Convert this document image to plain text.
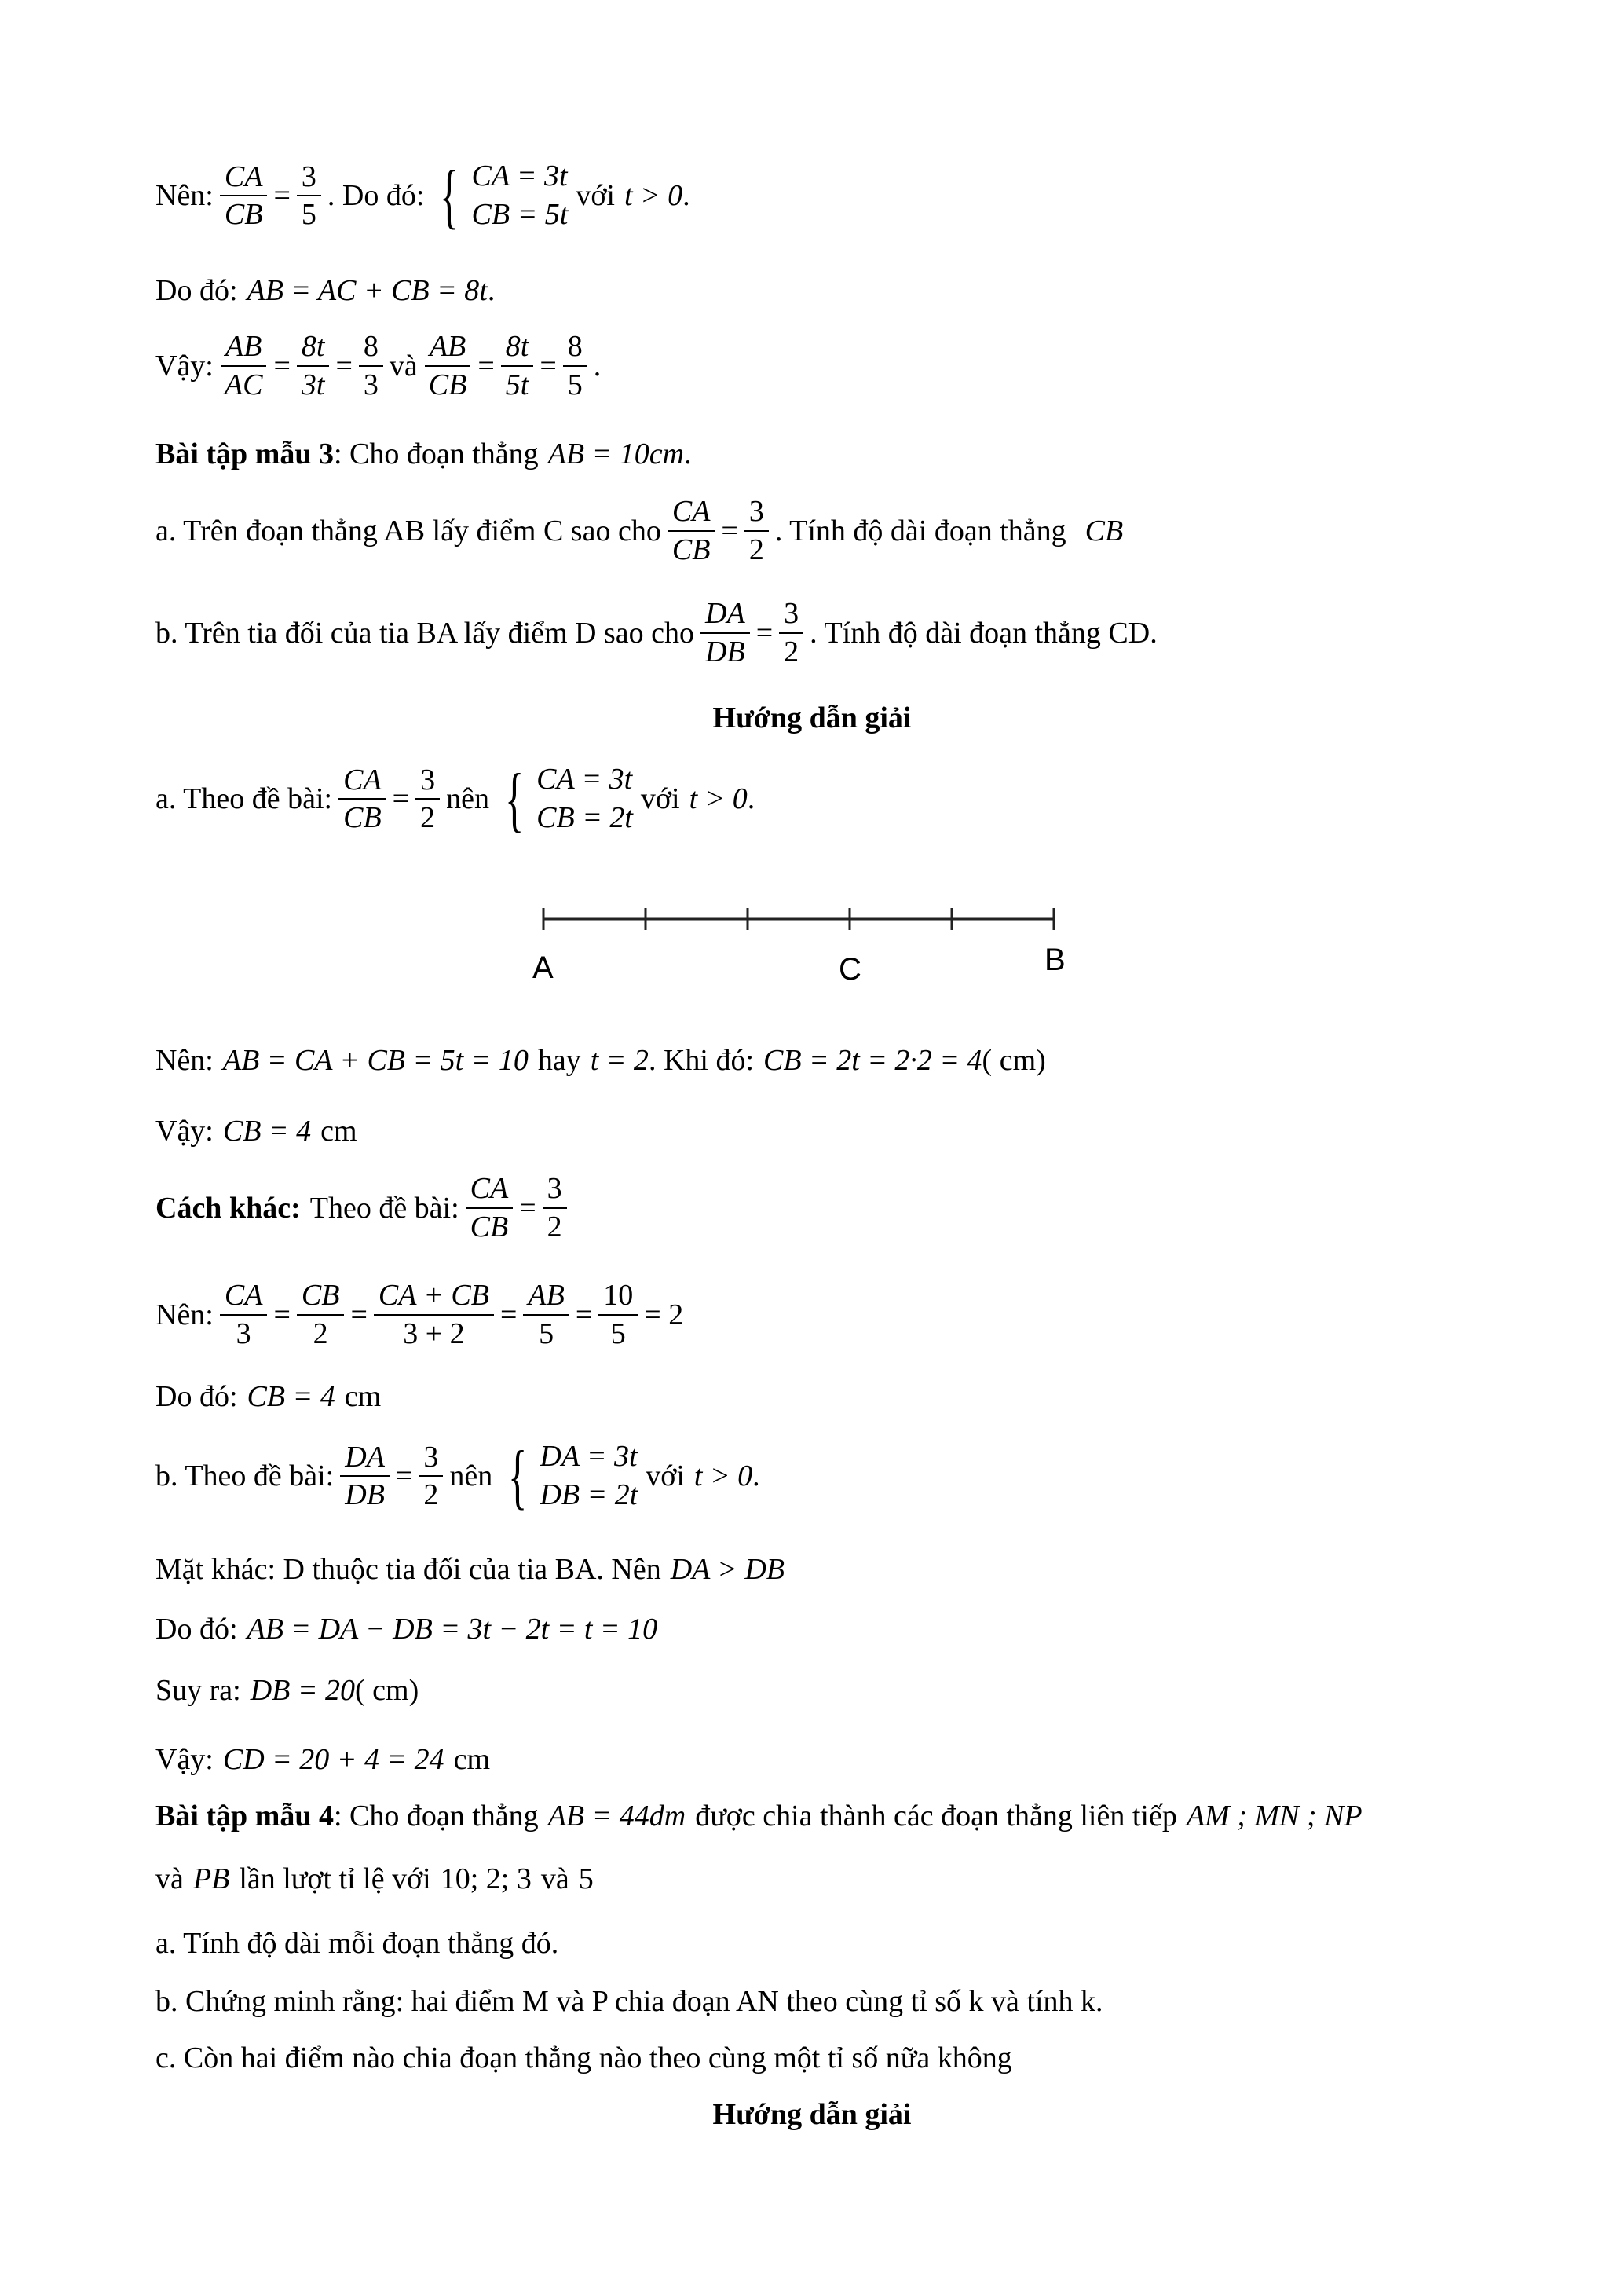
Nên: $\frac{CA}{CB} = \frac{3}{5}$ . Do đó: { CA = 3t
CB = 5t
với t > 0 .
Do đó: AB = AC + CB = 8t .
Vậy: $\frac{AB}{AC} = \frac{8t}{3t} = \frac{8}{3}$ và $\frac{AB}{CB} = \frac{8t}{5t} = \frac{8}{5}$ .
Bài tập mẫu 3 : Cho đoạn thẳng AB = 10cm .
a. Trên đoạn thẳng AB lấy điểm C sao cho $\frac{CA}{CB} = \frac{3}{2}$ . Tính độ dài đoạn thẳng CB
b. Trên tia đối của tia BA lấy điểm D sao cho $\frac{DA}{DB} = \frac{3}{2}$ . Tính độ dài đoạn thẳng CD.
Hướng dẫn giải
a. Theo đề bài: $\frac{CA}{CB} = \frac{3}{2}$ nên { CA = 3t
CB = 2t
với t > 0 .
A	C	B
Nên: AB = CA + CB = 5t = 10 hay t = 2 . Khi đó: CB = 2t = 2·2 = 4 ( cm)
Vậy: CB = 4 cm
Cách khác: Theo đề bài: $\frac{CA}{CB} = \frac{3}{2}$
Nên: $\frac{CA}{3} = \frac{CB}{2} = \frac{CA + CB}{3 + 2} = \frac{AB}{5} = \frac{10}{5} = 2$
Do đó: CB = 4 cm
b. Theo đề bài: $\frac{DA}{DB} = \frac{3}{2}$ nên { DA = 3t
DB = 2t
với t > 0 .
Mặt khác: D thuộc tia đối của tia BA. Nên DA > DB
Do đó: AB = DA − DB = 3t − 2t = t = 10
Suy ra: DB = 20 ( cm)
Vậy: CD = 20 + 4 = 24 cm
Bài tập mẫu 4 : Cho đoạn thẳng AB = 44dm được chia thành các đoạn thẳng liên tiếp AM ; MN ; NP
và PB lần lượt tỉ lệ với 10; 2; 3 và 5
a. Tính độ dài mỗi đoạn thẳng đó.
b. Chứng minh rằng: hai điểm M và P chia đoạn AN theo cùng tỉ số k và tính k.
c. Còn hai điểm nào chia đoạn thẳng nào theo cùng một tỉ số nữa không
Hướng dẫn giải
